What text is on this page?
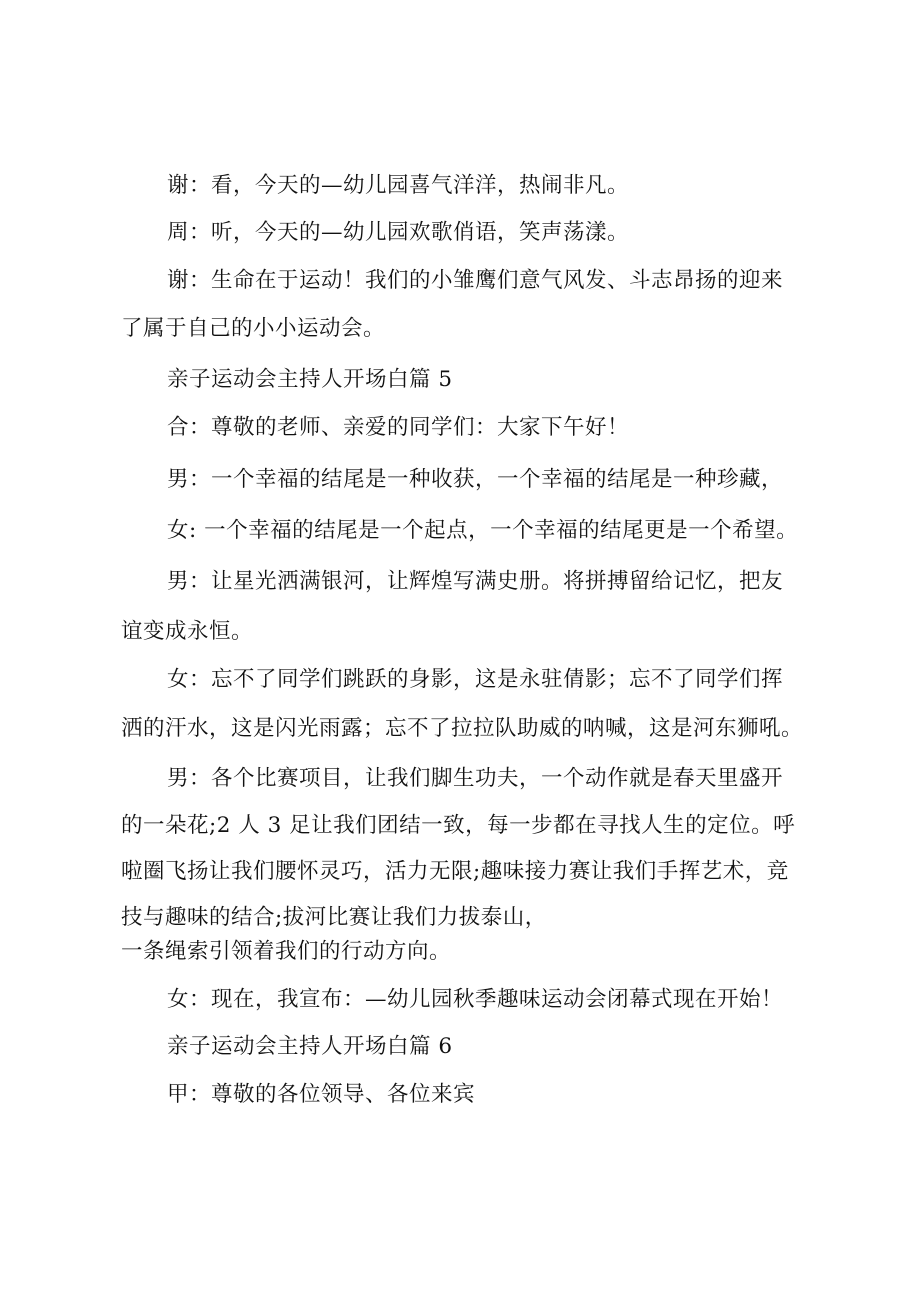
谢：看，今天的—幼儿园喜气洋洋，热闹非凡。
周：听，今天的—幼儿园欢歌俏语，笑声荡漾。
谢：生命在于运动！我们的小雏鹰们意气风发、斗志昂扬的迎来
了属于自己的小小运动会。
亲子运动会主持人开场白篇 5
合：尊敬的老师、亲爱的同学们：大家下午好！
男：一个幸福的结尾是一种收获，一个幸福的结尾是一种珍藏，
女: 一个幸福的结尾是一个起点，一个幸福的结尾更是一个希望。
男：让星光洒满银河，让辉煌写满史册。将拼搏留给记忆，把友
谊变成永恒。
女：忘不了同学们跳跃的身影，这是永驻倩影；忘不了同学们挥
洒的汗水，这是闪光雨露；忘不了拉拉队助威的呐喊，这是河东狮吼。
男：各个比赛项目，让我们脚生功夫，一个动作就是春天里盛开
的一朵花;2 人 3 足让我们团结一致，每一步都在寻找人生的定位。呼
啦圈飞扬让我们腰怀灵巧，活力无限;趣味接力赛让我们手挥艺术，竞
技与趣味的结合;拔河比赛让我们力拔泰山，
一条绳索引领着我们的行动方向。
女：现在，我宣布：—幼儿园秋季趣味运动会闭幕式现在开始！
亲子运动会主持人开场白篇 6
甲：尊敬的各位领导、各位来宾
